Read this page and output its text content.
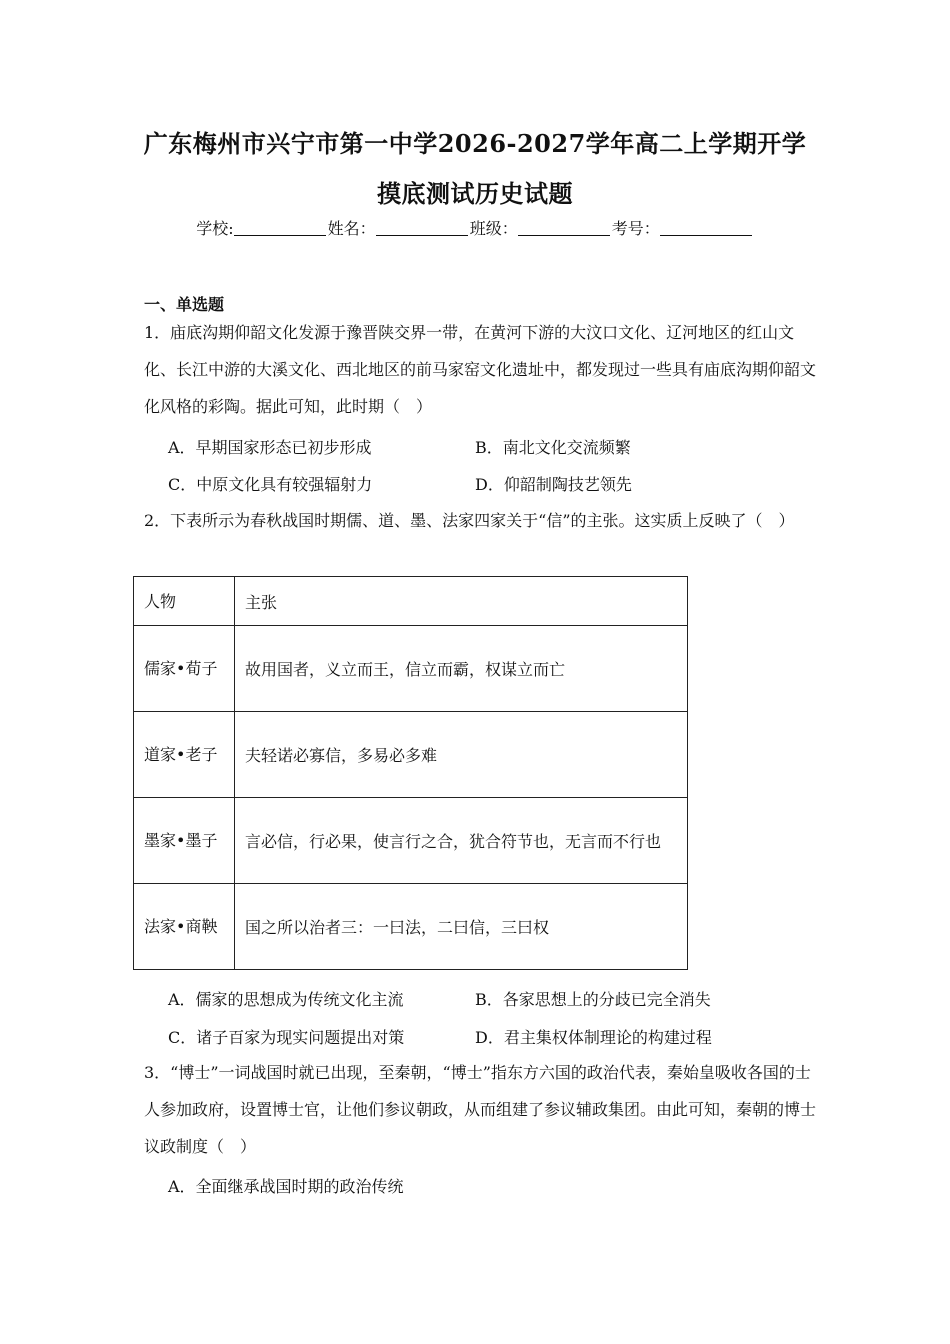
广东梅州市兴宁市第一中学2026-2027学年高二上学期开学
摸底测试历史试题
学校:	姓名：	班级：	考号：
一、单选题
1．庙底沟期仰韶文化发源于豫晋陕交界一带，在黄河下游的大汶口文化、辽河地区的红山文化、长江中游的大溪文化、西北地区的前马家窑文化遗址中，都发现过一些具有庙底沟期仰韶文化风格的彩陶。据此可知，此时期（　）
A．早期国家形态已初步形成	B．南北文化交流频繁
C．中原文化具有较强辐射力	D．仰韶制陶技艺领先
2．下表所示为春秋战国时期儒、道、墨、法家四家关于“信”的主张。这实质上反映了（　）
人物	主张
儒家•荀子	故用国者，义立而王，信立而霸，权谋立而亡
道家•老子	夫轻诺必寡信，多易必多难
墨家•墨子	言必信，行必果，使言行之合，犹合符节也，无言而不行也
法家•商鞅	国之所以治者三：一曰法，二曰信，三曰权
A．儒家的思想成为传统文化主流	B．各家思想上的分歧已完全消失
C．诸子百家为现实问题提出对策	D．君主集权体制理论的构建过程
3．“博士”一词战国时就已出现，至秦朝，“博士”指东方六国的政治代表，秦始皇吸收各国的士人参加政府，设置博士官，让他们参议朝政，从而组建了参议辅政集团。由此可知，秦朝的博士议政制度（　）
A．全面继承战国时期的政治传统
